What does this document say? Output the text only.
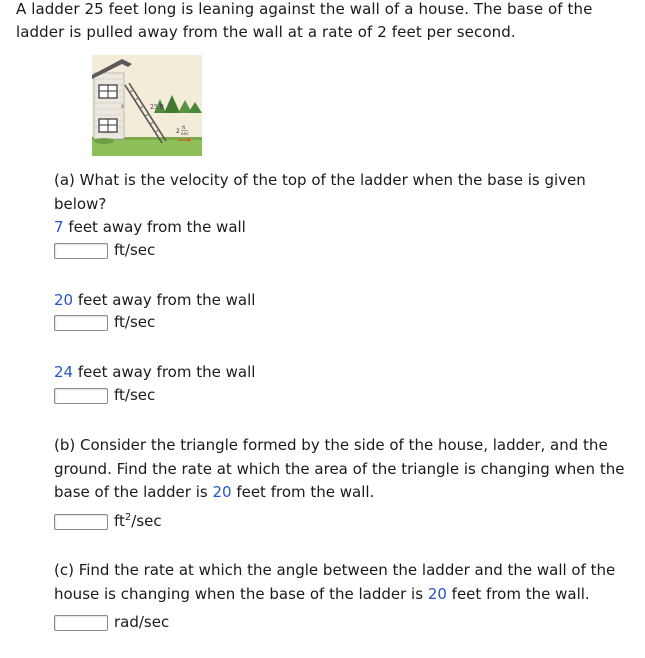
A ladder 25 feet long is leaning against the wall of a house. The base of the ladder is pulled away from the wall at a rate of 2 feet per second.
y	25 ft
2 ft
sec
(a) What is the velocity of the top of the ladder when the base is given below?
7 feet away from the wall
ft/sec
20 feet away from the wall
ft/sec
24 feet away from the wall
ft/sec
(b) Consider the triangle formed by the side of the house, ladder, and the ground. Find the rate at which the area of the triangle is changing when the base of the ladder is 20 feet from the wall.
$ft^2/\sec$
(c) Find the rate at which the angle between the ladder and the wall of the house is changing when the base of the ladder is 20 feet from the wall.
rad/sec
